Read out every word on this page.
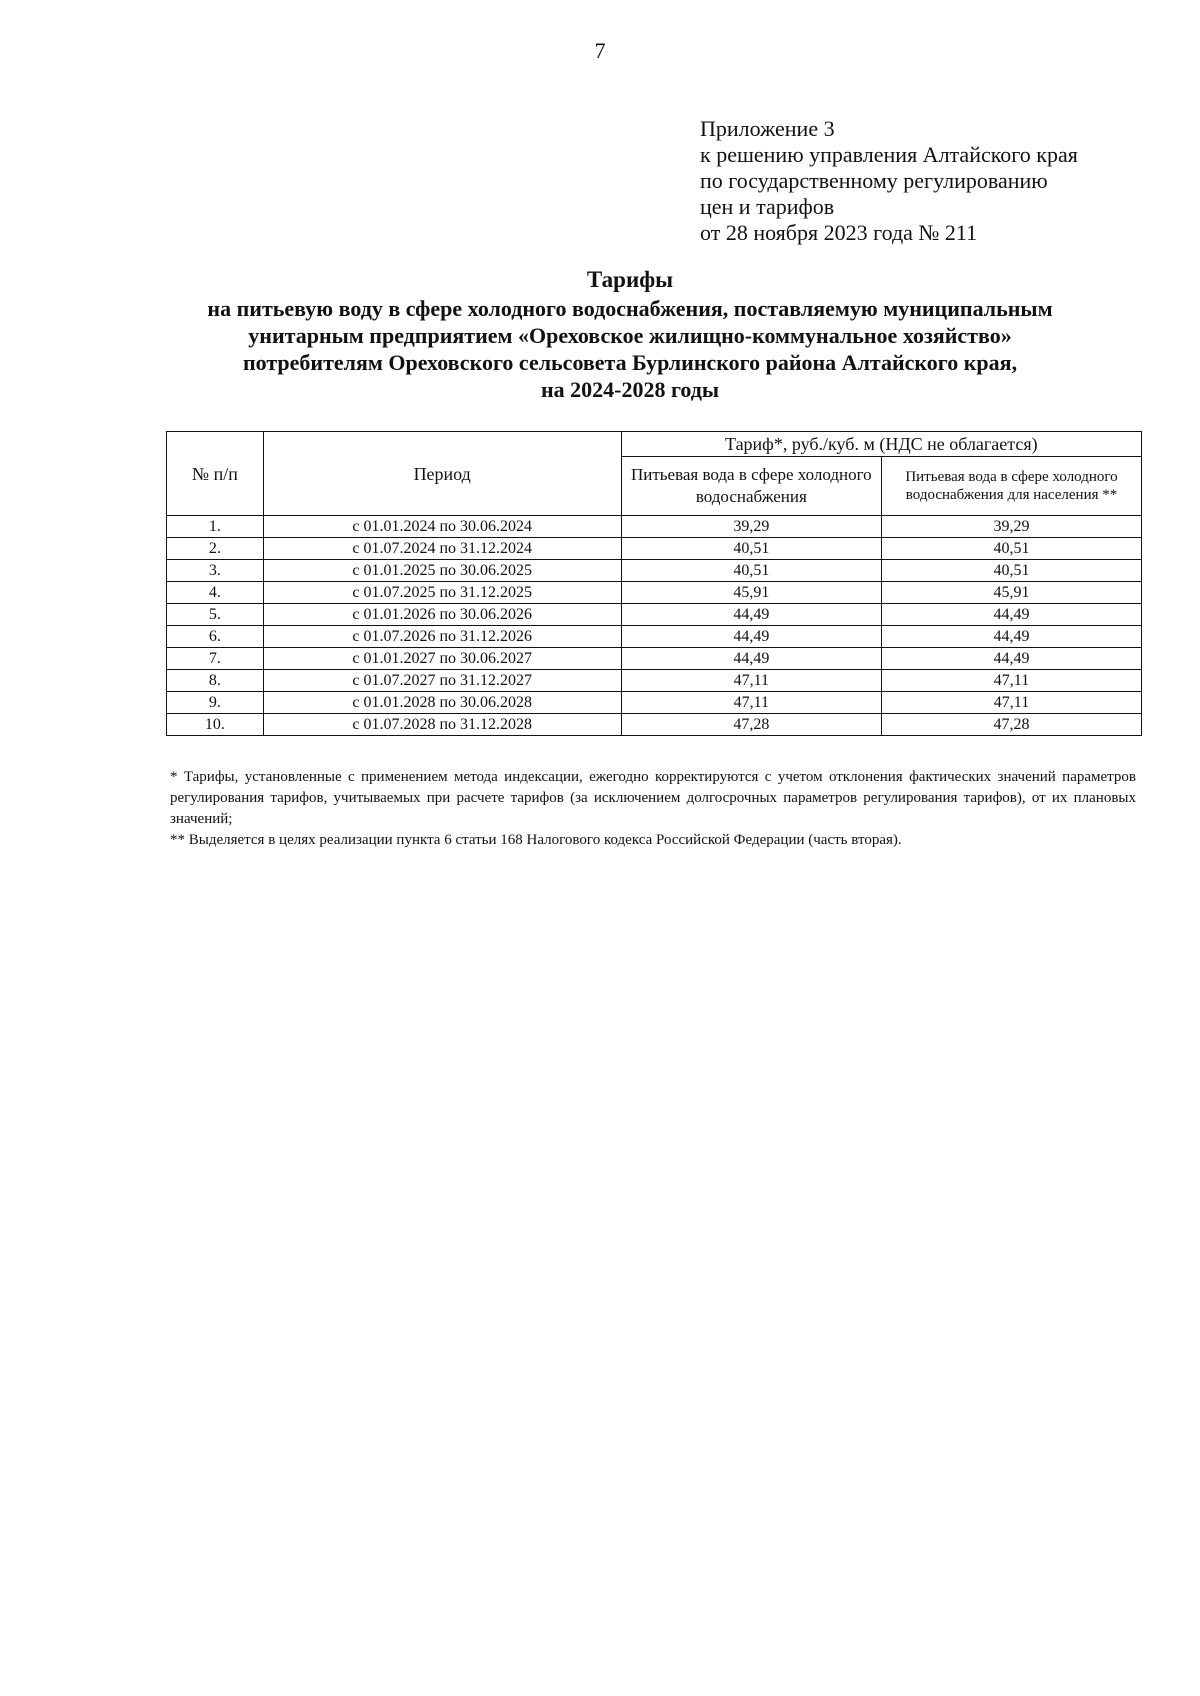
7
Приложение 3
к решению управления Алтайского края
по государственному регулированию
цен и тарифов
от 28 ноября 2023 года № 211
Тарифы
на питьевую воду в сфере холодного водоснабжения, поставляемую муниципальным
унитарным предприятием «Ореховское жилищно-коммунальное хозяйство»
потребителям Ореховского сельсовета Бурлинского района Алтайского края,
на 2024-2028 годы
№ п/п	Период	Тариф*, руб./куб. м (НДС не облагается)	
		Питьевая вода в сфере холодного водоснабжения	Питьевая вода в сфере холодного водоснабжения для населения **
1.	с 01.01.2024 по 30.06.2024	39,29	39,29
2.	с 01.07.2024 по 31.12.2024	40,51	40,51
3.	с 01.01.2025 по 30.06.2025	40,51	40,51
4.	с 01.07.2025 по 31.12.2025	45,91	45,91
5.	с 01.01.2026 по 30.06.2026	44,49	44,49
6.	с 01.07.2026 по 31.12.2026	44,49	44,49
7.	с 01.01.2027 по 30.06.2027	44,49	44,49
8.	с 01.07.2027 по 31.12.2027	47,11	47,11
9.	с 01.01.2028 по 30.06.2028	47,11	47,11
10.	с 01.07.2028 по 31.12.2028	47,28	47,28

* Тарифы, установленные с применением метода индексации, ежегодно корректируются с учетом отклонения фактических значений параметров регулирования тарифов, учитываемых при расчете тарифов (за исключением долгосрочных параметров регулирования тарифов), от их плановых значений;

** Выделяется в целях реализации пункта 6 статьи 168 Налогового кодекса Российской Федерации (часть вторая).
